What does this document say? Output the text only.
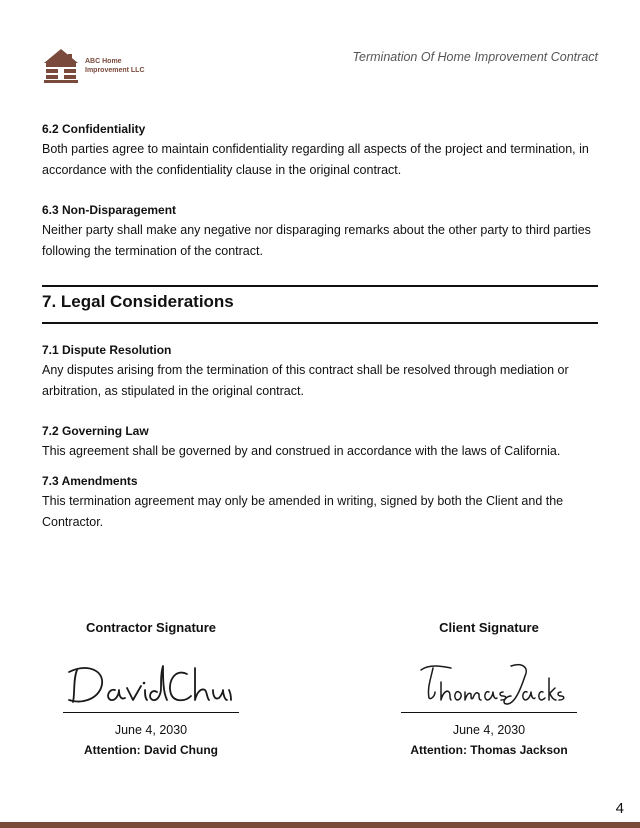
ABC Home
Improvement LLC
Termination Of Home Improvement Contract

6.2 Confidentiality

Both parties agree to maintain confidentiality regarding all aspects of the project and termination, in accordance with the confidentiality clause in the original contract.

6.3 Non-Disparagement

Neither party shall make any negative nor disparaging remarks about the other party to third parties following the termination of the contract.

7. Legal Considerations

7.1 Dispute Resolution

Any disputes arising from the termination of this contract shall be resolved through mediation or arbitration, as stipulated in the original contract.

7.2 Governing Law

This agreement shall be governed by and construed in accordance with the laws of California.

7.3 Amendments

This termination agreement may only be amended in writing, signed by both the Client and the Contractor.

Contractor Signature
June 4, 2030
Attention: David Chung
Client Signature
June 4, 2030
Attention: Thomas Jackson
4
